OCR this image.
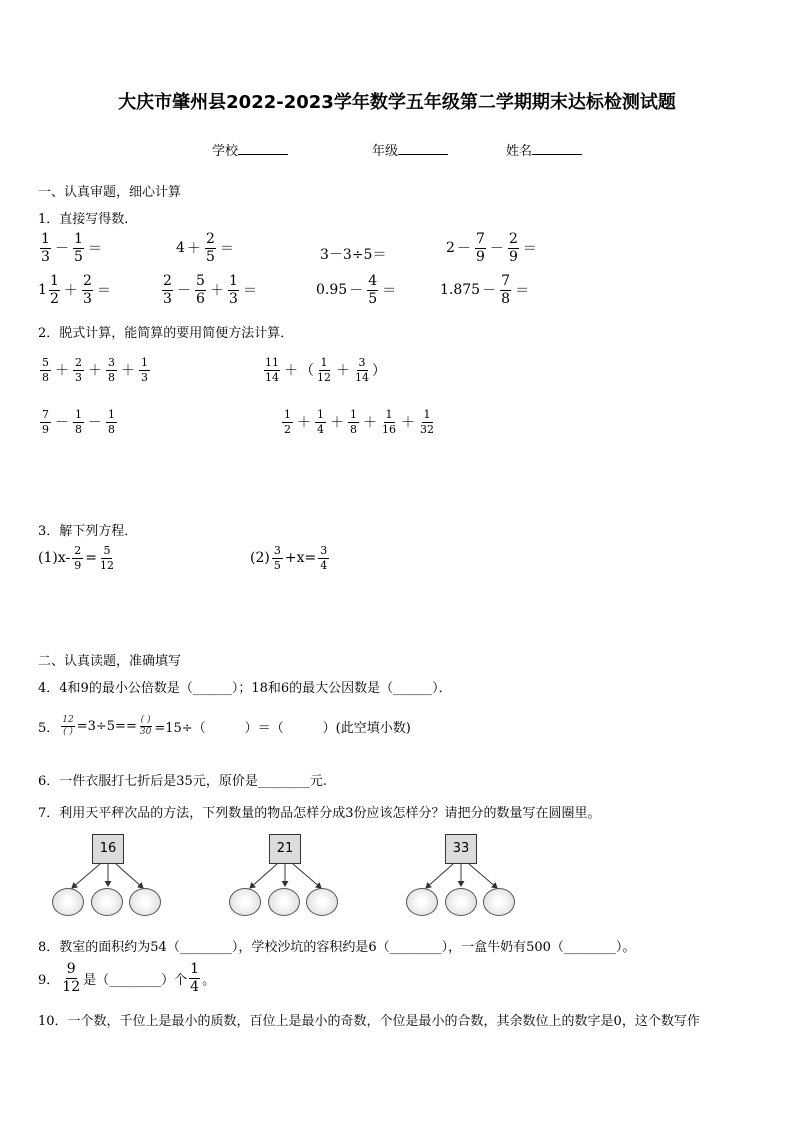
大庆市肇州县2022-2023学年数学五年级第二学期期末达标检测试题
学校	年级	姓名
一、认真审题，细心计算
1．直接写得数．
$\frac{1}{3} - \frac{1}{5}$ ＝	$4 + \frac{2}{5}$ ＝	3－3÷5＝	$2 - \frac{7}{9} - \frac{2}{9}$ ＝
$1 \frac{1}{2} + \frac{2}{3}$ ＝	$\frac{2}{3} - \frac{5}{6} + \frac{1}{3}$ ＝	$0.95 - \frac{4}{5}$ ＝	$1.875 - \frac{7}{8}$ ＝
2．脱式计算，能简算的要用简便方法计算．
$\frac{5}{8} + \frac{2}{3} + \frac{3}{8} + \frac{1}{3}$	$\frac{11}{14}$ ＋ （ $\frac{1}{12} + \frac{3}{14}$ ）
$\frac{7}{9} - \frac{1}{8} - \frac{1}{8}$	$\frac{1}{2} + \frac{1}{4} + \frac{1}{8} + \frac{1}{16} + \frac{1}{32}$
3．解下列方程．
$(1)x- \frac{2}{9} = \frac{5}{12}$	$(2) \frac{3}{5} +x= \frac{3}{4}$
二、认真读题，准确填写
4．4和9的最小公倍数是（______）；18和6的最大公因数是（______）．
5． $\frac{12}{( )} =3\div 5== \frac{( )}{30} =15\div$（　　　）＝（　　　）(此空填小数)
6．一件衣服打七折后是35元，原价是________元.
7．利用天平秤次品的方法，下列数量的物品怎样分成3份应该怎样分？请把分的数量写在圆圈里。
16	21	33
8．教室的面积约为54（________），学校沙坑的容积约是6（________），一盒牛奶有500（________）。
9． $\frac{9}{12}$ 是（________）个 $\frac{1}{4}$ 。
10．一个数，千位上是最小的质数，百位上是最小的奇数，个位是最小的合数，其余数位上的数字是0，这个数写作
